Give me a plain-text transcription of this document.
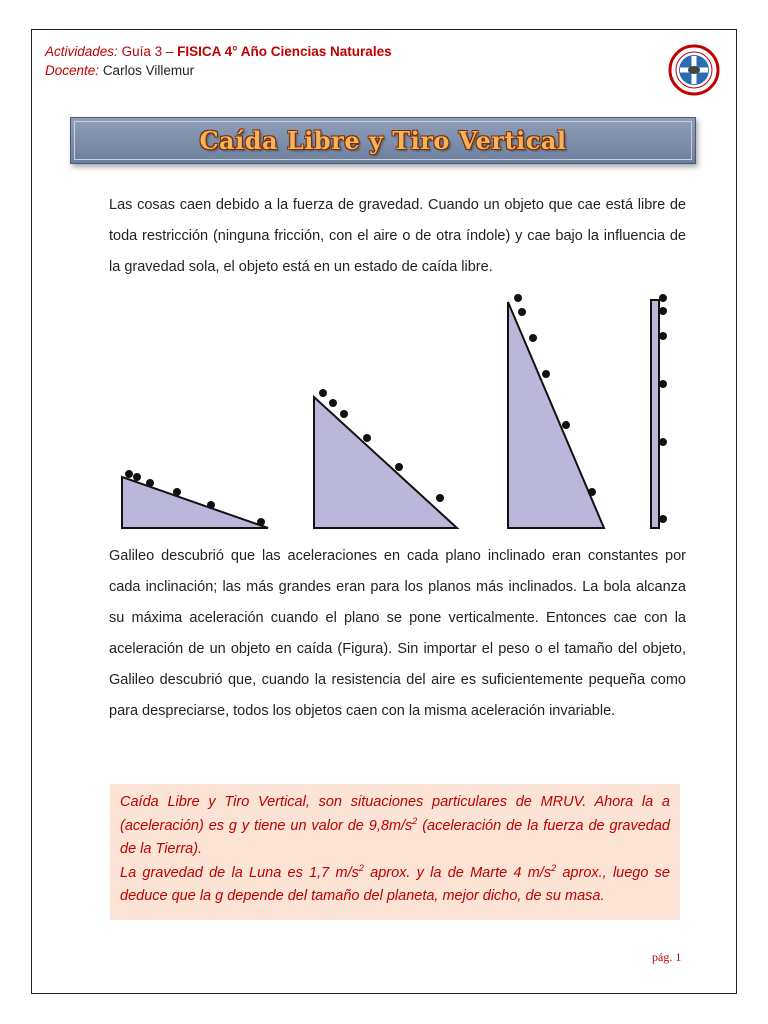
Actividades: Guía 3 – FISICA 4° Año Ciencias Naturales
Docente: Carlos Villemur
Caída Libre y Tiro Vertical
Las cosas caen debido a la fuerza de gravedad. Cuando un objeto que cae está libre de toda restricción (ninguna fricción, con el aire o de otra índole) y cae bajo la influencia de la gravedad sola, el objeto está en un estado de caída libre.
Galileo descubrió que las aceleraciones en cada plano inclinado eran constantes por cada inclinación; las más grandes eran para los planos más inclinados. La bola alcanza su máxima aceleración cuando el plano se pone verticalmente. Entonces cae con la aceleración de un objeto en caída (Figura). Sin importar el peso o el tamaño del objeto, Galileo descubrió que, cuando la resistencia del aire es suficientemente pequeña como para despreciarse, todos los objetos caen con la misma aceleración invariable.
Caída Libre y Tiro Vertical, son situaciones particulares de MRUV. Ahora la a (aceleración) es g y tiene un valor de $9,8m/s^2$ (aceleración de la fuerza de gravedad de la Tierra).
La gravedad de la Luna es 1,7 $m/s^2$ aprox. y la de Marte 4 $m/s^2$ aprox., luego se deduce que la g depende del tamaño del planeta, mejor dicho, de su masa.
pág. 1
